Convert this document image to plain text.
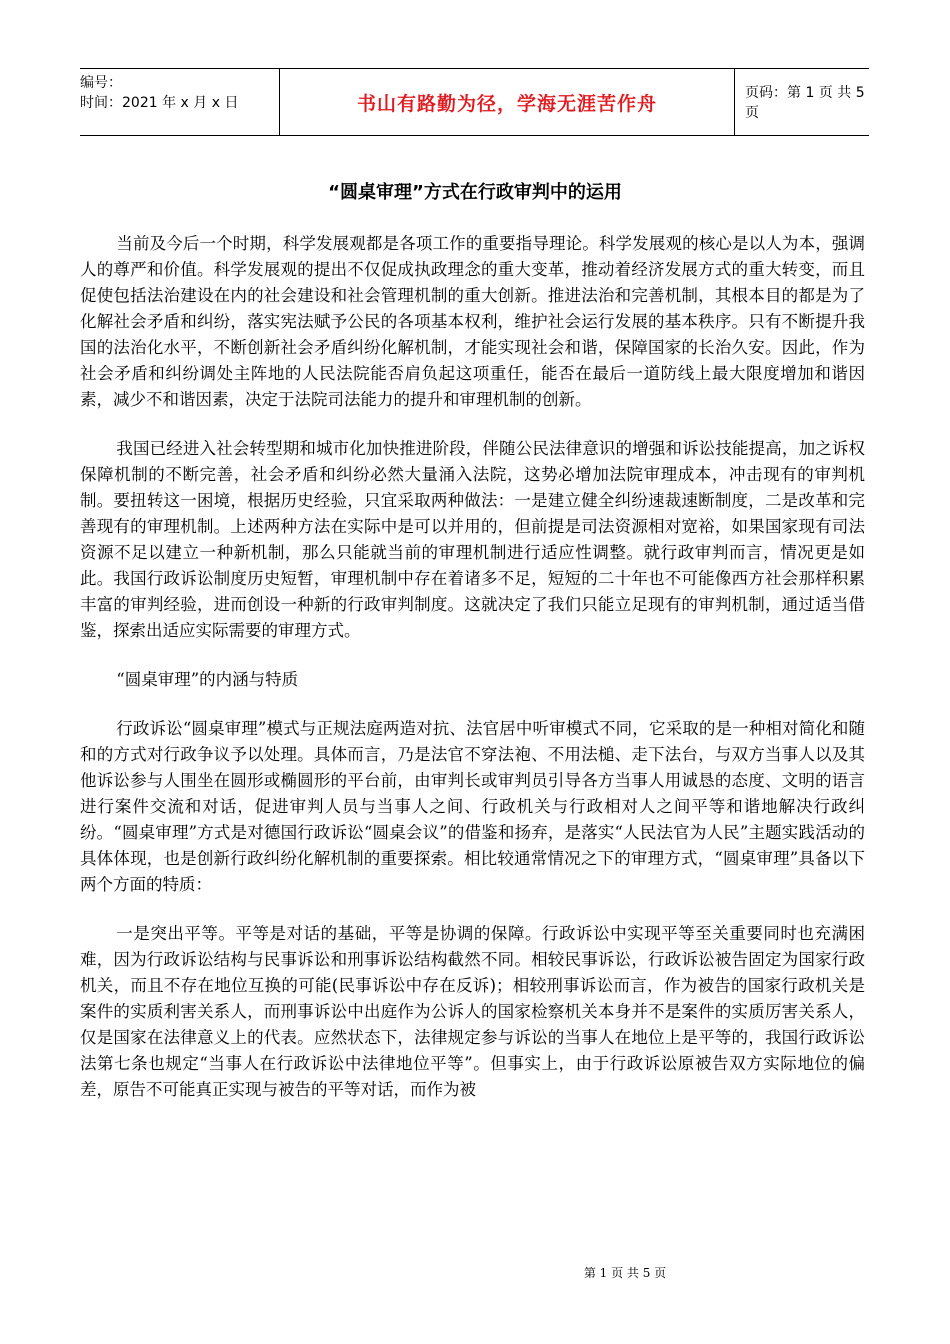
编号：
时间：2021 年 x 月 x 日	书山有路勤为径，学海无涯苦作舟	页码：第 1 页 共 5 页
“圆桌审理”方式在行政审判中的运用

当前及今后一个时期，科学发展观都是各项工作的重要指导理论。科学发展观的核心是以人为本，强调人的尊严和价值。科学发展观的提出不仅促成执政理念的重大变革，推动着经济发展方式的重大转变，而且促使包括法治建设在内的社会建设和社会管理机制的重大创新。推进法治和完善机制，其根本目的都是为了化解社会矛盾和纠纷，落实宪法赋予公民的各项基本权利，维护社会运行发展的基本秩序。只有不断提升我国的法治化水平，不断创新社会矛盾纠纷化解机制，才能实现社会和谐，保障国家的长治久安。因此，作为社会矛盾和纠纷调处主阵地的人民法院能否肩负起这项重任，能否在最后一道防线上最大限度增加和谐因素，减少不和谐因素，决定于法院司法能力的提升和审理机制的创新。

我国已经进入社会转型期和城市化加快推进阶段，伴随公民法律意识的增强和诉讼技能提高，加之诉权保障机制的不断完善，社会矛盾和纠纷必然大量涌入法院，这势必增加法院审理成本，冲击现有的审判机制。要扭转这一困境，根据历史经验，只宜采取两种做法：一是建立健全纠纷速裁速断制度，二是改革和完善现有的审理机制。上述两种方法在实际中是可以并用的，但前提是司法资源相对宽裕，如果国家现有司法资源不足以建立一种新机制，那么只能就当前的审理机制进行适应性调整。就行政审判而言，情况更是如此。我国行政诉讼制度历史短暂，审理机制中存在着诸多不足，短短的二十年也不可能像西方社会那样积累丰富的审判经验，进而创设一种新的行政审判制度。这就决定了我们只能立足现有的审判机制，通过适当借鉴，探索出适应实际需要的审理方式。

“圆桌审理”的内涵与特质

行政诉讼“圆桌审理”模式与正规法庭两造对抗、法官居中听审模式不同，它采取的是一种相对简化和随和的方式对行政争议予以处理。具体而言，乃是法官不穿法袍、不用法槌、走下法台，与双方当事人以及其他诉讼参与人围坐在圆形或椭圆形的平台前，由审判长或审判员引导各方当事人用诚恳的态度、文明的语言进行案件交流和对话，促进审判人员与当事人之间、行政机关与行政相对人之间平等和谐地解决行政纠纷。“圆桌审理”方式是对德国行政诉讼“圆桌会议”的借鉴和扬弃，是落实“人民法官为人民”主题实践活动的具体体现，也是创新行政纠纷化解机制的重要探索。相比较通常情况之下的审理方式，“圆桌审理”具备以下两个方面的特质：

一是突出平等。平等是对话的基础，平等是协调的保障。行政诉讼中实现平等至关重要同时也充满困难，因为行政诉讼结构与民事诉讼和刑事诉讼结构截然不同。相较民事诉讼，行政诉讼被告固定为国家行政机关，而且不存在地位互换的可能(民事诉讼中存在反诉)；相较刑事诉讼而言，作为被告的国家行政机关是案件的实质利害关系人，而刑事诉讼中出庭作为公诉人的国家检察机关本身并不是案件的实质厉害关系人，仅是国家在法律意义上的代表。应然状态下，法律规定参与诉讼的当事人在地位上是平等的，我国行政诉讼法第七条也规定“当事人在行政诉讼中法律地位平等”。但事实上，由于行政诉讼原被告双方实际地位的偏差，原告不可能真正实现与被告的平等对话，而作为被

第 1 页 共 5 页
